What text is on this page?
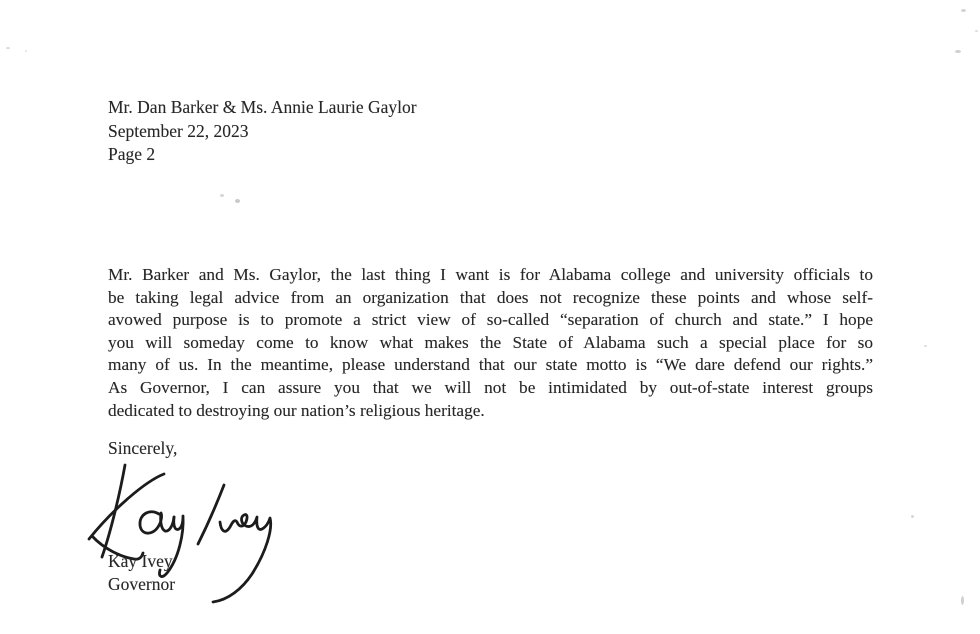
Mr. Dan Barker & Ms. Annie Laurie Gaylor
September 22, 2023
Page 2
Mr. Barker and Ms. Gaylor, the last thing I want is for Alabama college and university officials to
be taking legal advice from an organization that does not recognize these points and whose self-
avowed purpose is to promote a strict view of so-called “separation of church and state.” I hope
you will someday come to know what makes the State of Alabama such a special place for so
many of us. In the meantime, please understand that our state motto is “We dare defend our rights.”
As Governor, I can assure you that we will not be intimidated by out-of-state interest groups
dedicated to destroying our nation’s religious heritage.
Sincerely,
Kay Ivey
Governor
